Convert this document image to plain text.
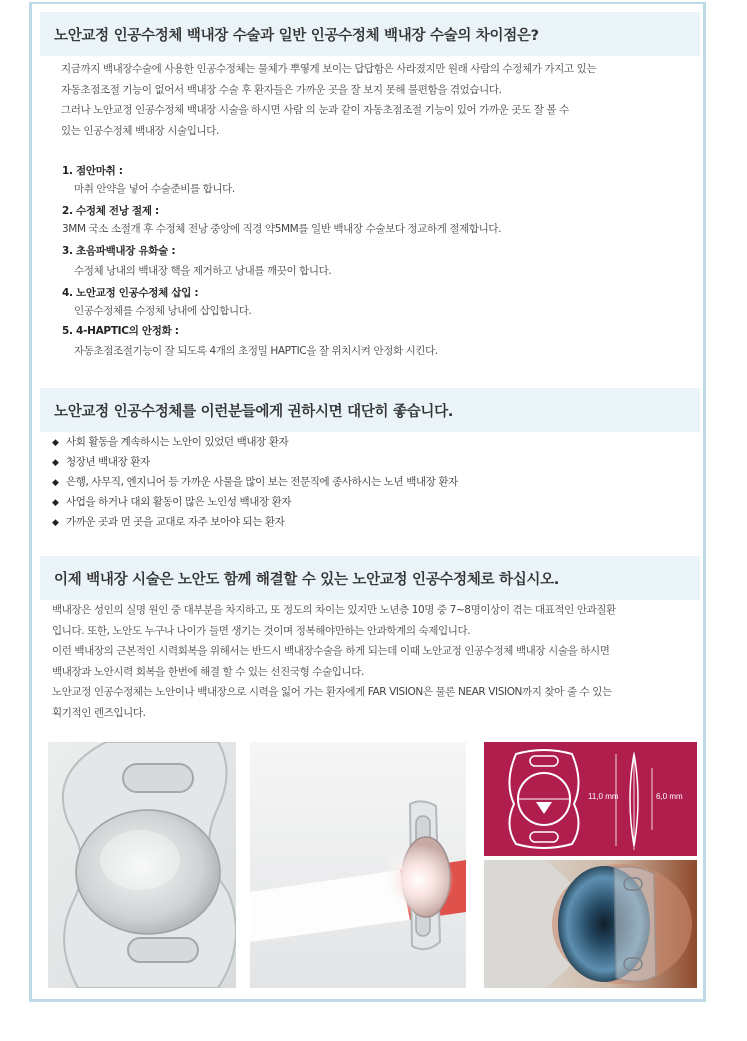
노안교정 인공수정체 백내장 수술과 일반 인공수정체 백내장 수술의 차이점은?

지금까지 백내장수술에 사용한 인공수정체는 물체가 뿌옇게 보이는 답답함은 사라졌지만 원래 사람의 수정체가 가지고 있는

자동초점조절 기능이 없어서 백내장 수술 후 환자들은 가까운 곳을 잘 보지 못해 불편함을 겪었습니다.

그러나 노안교정 인공수정체 백내장 시술을 하시면 사람 의 눈과 같이 자동초점조절 기능이 있어 가까운 곳도 잘 볼 수

있는 인공수정체 백내장 시술입니다.

1. 점안마취 :
마취 안약을 넣어 수술준비를 합니다.
2. 수정체 전낭 절제 :
3MM 국소 소절개 후 수정체 전낭 중앙에 직경 약5MM를 일반 백내장 수술보다 정교하게 절제합니다.
3. 초음파백내장 유화술 :
수정체 낭내의 백내장 핵을 제거하고 낭내를 깨끗이 합니다.
4. 노안교정 인공수정체 삽입 :
인공수정체를 수정체 낭내에 삽입합니다.
5. 4-HAPTIC의 안정화 :
자동초점조절기능이 잘 되도록 4개의 초정밀 HAPTIC을 잘 위치시켜 안정화 시킨다.
노안교정 인공수정체를 이런분들에게 권하시면 대단히 좋습니다.
◆ 사회 활동을 계속하시는 노안이 있었던 백내장 환자
◆ 청장년 백내장 환자
◆ 은행, 사무직, 엔지니어 등 가까운 사물을 많이 보는 전문직에 종사하시는 노년 백내장 환자
◆ 사업을 하거나 대외 활동이 많은 노인성 백내장 환자
◆ 가까운 곳과 먼 곳을 교대로 자주 보아야 되는 환자
이제 백내장 시술은 노안도 함께 해결할 수 있는 노안교정 인공수정체로 하십시오.

백내장은 성인의 실명 원인 중 대부분을 차지하고, 또 정도의 차이는 있지만 노년층 10명 중 7~8명이상이 겪는 대표적인 안과질환

입니다. 또한, 노안도 누구나 나이가 들면 생기는 것이며 정복해야만하는 안과학계의 숙제입니다.

이런 백내장의 근본적인 시력회복을 위해서는 반드시 백내장수술을 하게 되는데 이때 노안교정 인공수정체 백내장 시술을 하시면

백내장과 노안시력 회복을 한번에 해결 할 수 있는 선진국형 수술입니다.

노안교정 인공수정체는 노안이나 백내장으로 시력을 잃어 가는 환자에게 FAR VISION은 물론 NEAR VISION까지 찾아 줄 수 있는

획기적인 렌즈입니다.

11,0 mm	6,0 mm
